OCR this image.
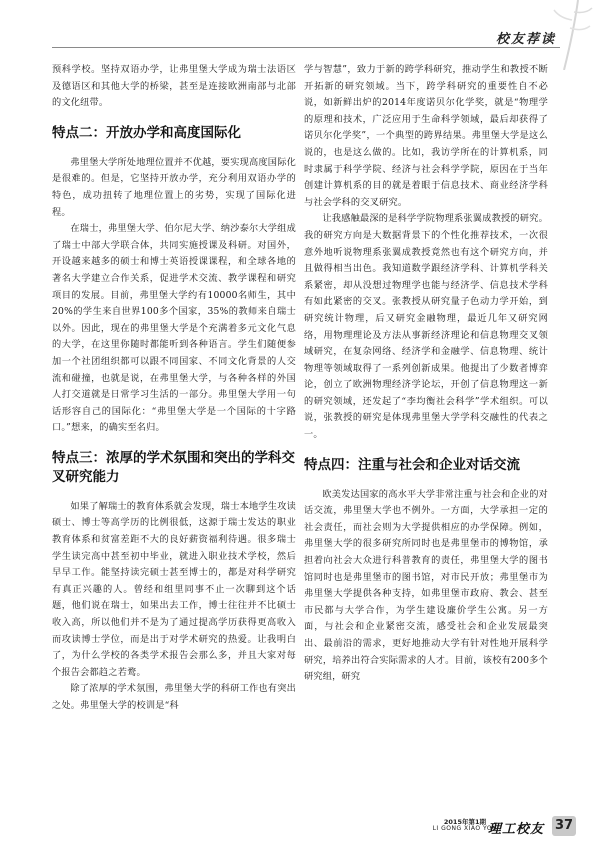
校友荐读

预科学校。坚持双语办学，让弗里堡大学成为瑞士法语区及德语区和其他大学的桥梁，甚至是连接欧洲南部与北部的文化纽带。

特点二：开放办学和高度国际化

弗里堡大学所处地理位置并不优越，要实现高度国际化是很难的。但是，它坚持开放办学，充分利用双语办学的特色，成功扭转了地理位置上的劣势，实现了国际化进程。

在瑞士，弗里堡大学、伯尔尼大学、纳沙泰尔大学组成了瑞士中部大学联合体，共同实施授课及科研。对国外，开设越来越多的硕士和博士英语授课课程，和全球各地的著名大学建立合作关系，促进学术交流、教学课程和研究项目的发展。目前，弗里堡大学约有10000名师生，其中20%的学生来自世界100多个国家，35%的教师来自瑞士以外。因此，现在的弗里堡大学是个充满着多元文化气息的大学，在这里你随时都能听到各种语言。学生们随便参加一个社团组织都可以跟不同国家、不同文化背景的人交流和碰撞，也就是说，在弗里堡大学，与各种各样的外国人打交道就是日常学习生活的一部分。弗里堡大学用一句话形容自己的国际化：“弗里堡大学是一个国际的十字路口。”想来，的确实至名归。

特点三：浓厚的学术氛围和突出的学科交叉研究能力

如果了解瑞士的教育体系就会发现，瑞士本地学生攻读硕士、博士等高学历的比例很低，这源于瑞士发达的职业教育体系和贫富差距不大的良好薪资福利待遇。很多瑞士学生读完高中甚至初中毕业，就进入职业技术学校，然后早早工作。能坚持读完硕士甚至博士的，都是对科学研究有真正兴趣的人。曾经和组里同事不止一次聊到这个话题，他们说在瑞士，如果出去工作，博士往往并不比硕士收入高，所以他们并不是为了通过提高学历获得更高收入而攻读博士学位，而是出于对学术研究的热爱。让我明白了，为什么学校的各类学术报告会那么多，并且大家对每个报告会都趋之若鹜。

除了浓厚的学术氛围，弗里堡大学的科研工作也有突出之处。弗里堡大学的校训是“科

学与智慧”，致力于新的跨学科研究，推动学生和教授不断开拓新的研究领域。当下，跨学科研究的重要性自不必说，如新鲜出炉的2014年度诺贝尔化学奖，就是“物理学的原理和技术，广泛应用于生命科学领域，最后却获得了诺贝尔化学奖”，一个典型的跨界结果。弗里堡大学是这么说的，也是这么做的。比如，我访学所在的计算机系，同时隶属于科学学院、经济与社会科学学院，原因在于当年创建计算机系的目的就是着眼于信息技术、商业经济学科与社会学科的交叉研究。

让我感触最深的是科学学院物理系张翼成教授的研究。我的研究方向是大数据背景下的个性化推荐技术，一次很意外地听说物理系张翼成教授竟然也有这个研究方向，并且做得相当出色。我知道数学跟经济学科、计算机学科关系紧密，却从没想过物理学也能与经济学、信息技术学科有如此紧密的交叉。张教授从研究量子色动力学开始，到研究统计物理，后又研究金融物理，最近几年又研究网络，用物理理论及方法从事新经济理论和信息物理交叉领域研究，在复杂网络、经济学和金融学、信息物理、统计物理等领域取得了一系列创新成果。他提出了少数者博弈论，创立了欧洲物理经济学论坛，开创了信息物理这一新的研究领域，还发起了“李均衡社会科学”学术组织。可以说，张教授的研究是体现弗里堡大学学科交融性的代表之一。

特点四：注重与社会和企业对话交流

欧美发达国家的高水平大学非常注重与社会和企业的对话交流，弗里堡大学也不例外。一方面，大学承担一定的社会责任，而社会则为大学提供相应的办学保障。例如，弗里堡大学的很多研究所同时也是弗里堡市的博物馆，承担着向社会大众进行科普教育的责任，弗里堡大学的图书馆同时也是弗里堡市的图书馆，对市民开放；弗里堡市为弗里堡大学提供各种支持，如弗里堡市政府、教会、甚至市民都与大学合作，为学生建设廉价学生公寓。另一方面，与社会和企业紧密交流，感受社会和企业发展最突出、最前沿的需求，更好地推动大学有针对性地开展科学研究，培养出符合实际需求的人才。目前，该校有200多个研究组，研究

2015年第1期
LI GONG XIAO YOU
理工校友 37
